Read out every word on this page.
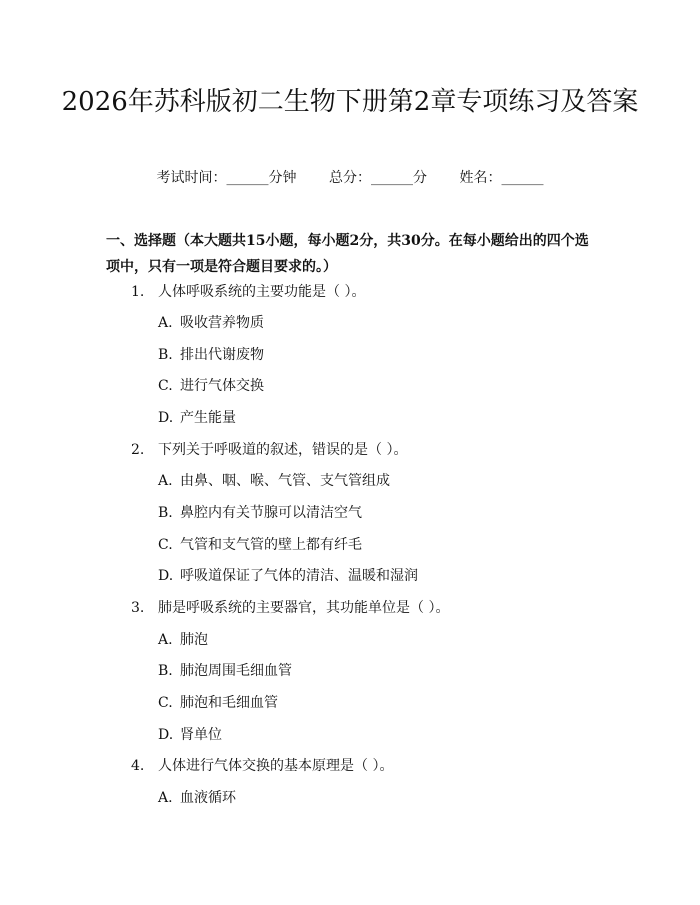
2026年苏科版初二生物下册第2章专项练习及答案
考试时间：______分钟 总分：______分 姓名：______

一、选择题（本大题共15小题，每小题2分，共30分。在每小题给出的四个选项中，只有一项是符合题目要求的。）

1. 人体呼吸系统的主要功能是（ ）。
A. 吸收营养物质
B. 排出代谢废物
C. 进行气体交换
D. 产生能量
2. 下列关于呼吸道的叙述，错误的是（ ）。
A. 由鼻、咽、喉、气管、支气管组成
B. 鼻腔内有关节腺可以清洁空气
C. 气管和支气管的壁上都有纤毛
D. 呼吸道保证了气体的清洁、温暖和湿润
3. 肺是呼吸系统的主要器官，其功能单位是（ ）。
A. 肺泡
B. 肺泡周围毛细血管
C. 肺泡和毛细血管
D. 肾单位
4. 人体进行气体交换的基本原理是（ ）。
A. 血液循环
